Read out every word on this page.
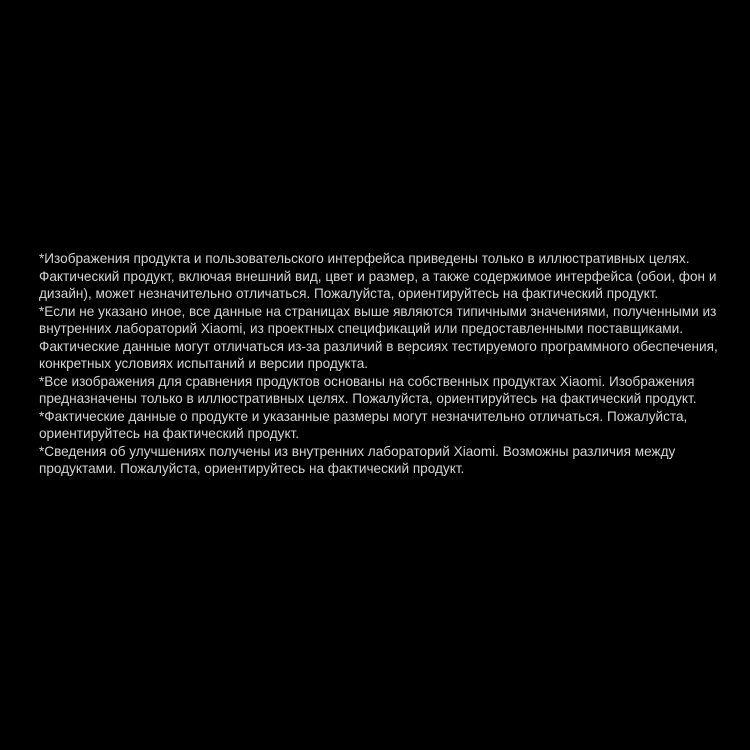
*Изображения продукта и пользовательского интерфейса приведены только в иллюстративных целях. Фактический продукт, включая внешний вид, цвет и размер, а также содержимое интерфейса (обои, фон и дизайн), может незначительно отличаться. Пожалуйста, ориентируйтесь на фактический продукт.

*Если не указано иное, все данные на страницах выше являются типичными значениями, полученными из внутренних лабораторий Xiaomi, из проектных спецификаций или предоставленными поставщиками. Фактические данные могут отличаться из-за различий в версиях тестируемого программного обеспечения, конкретных условиях испытаний и версии продукта.

*Все изображения для сравнения продуктов основаны на собственных продуктах Xiaomi. Изображения предназначены только в иллюстративных целях. Пожалуйста, ориентируйтесь на фактический продукт.

*Фактические данные о продукте и указанные размеры могут незначительно отличаться. Пожалуйста, ориентируйтесь на фактический продукт.

*Сведения об улучшениях получены из внутренних лабораторий Xiaomi. Возможны различия между продуктами. Пожалуйста, ориентируйтесь на фактический продукт.
